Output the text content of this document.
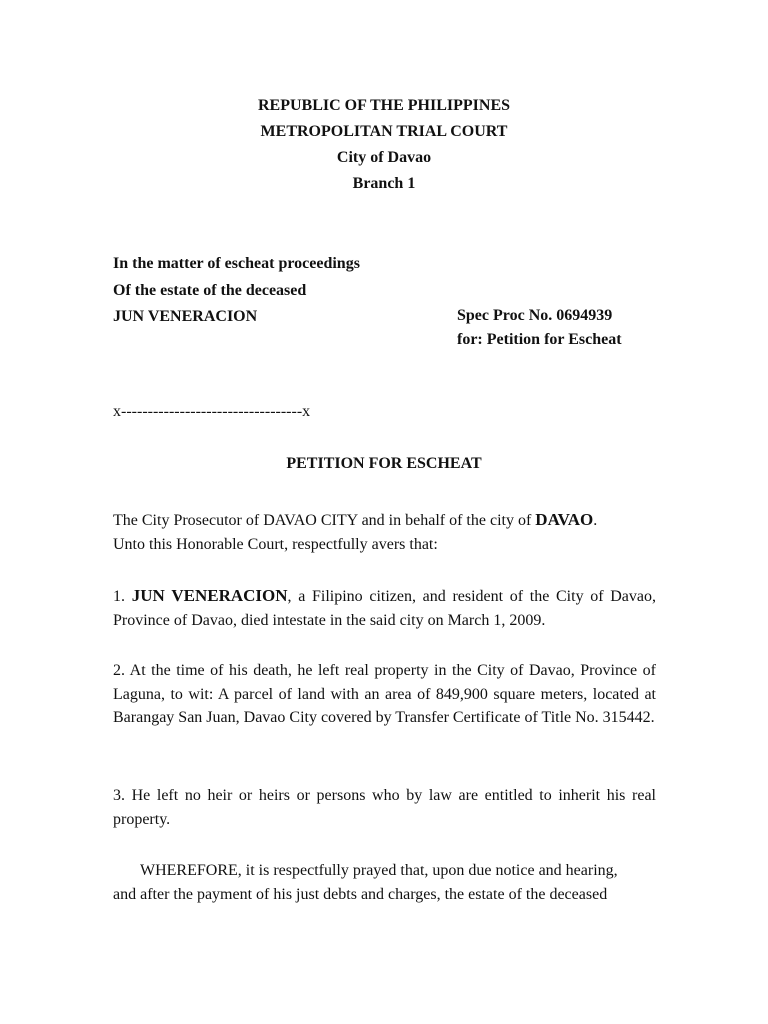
REPUBLIC OF THE PHILIPPINES
METROPOLITAN TRIAL COURT
City of Davao
Branch 1
In the matter of escheat proceedings
Of the estate of the deceased
JUN VENERACION	Spec Proc No. 0694939
for: Petition for Escheat
x----------------------------------x
PETITION FOR ESCHEAT
The City Prosecutor of DAVAO CITY and in behalf of the city of DAVAO.
Unto this Honorable Court, respectfully avers that:
1. JUN VENERACION, a Filipino citizen, and resident of the City of Davao, Province of Davao, died intestate in the said city on March 1, 2009.
2. At the time of his death, he left real property in the City of Davao, Province of Laguna, to wit: A parcel of land with an area of 849,900 square meters, located at Barangay San Juan, Davao City covered by Transfer Certificate of Title No. 315442.
3. He left no heir or heirs or persons who by law are entitled to inherit his real property.
WHEREFORE, it is respectfully prayed that, upon due notice and hearing,
and after the payment of his just debts and charges, the estate of the deceased
